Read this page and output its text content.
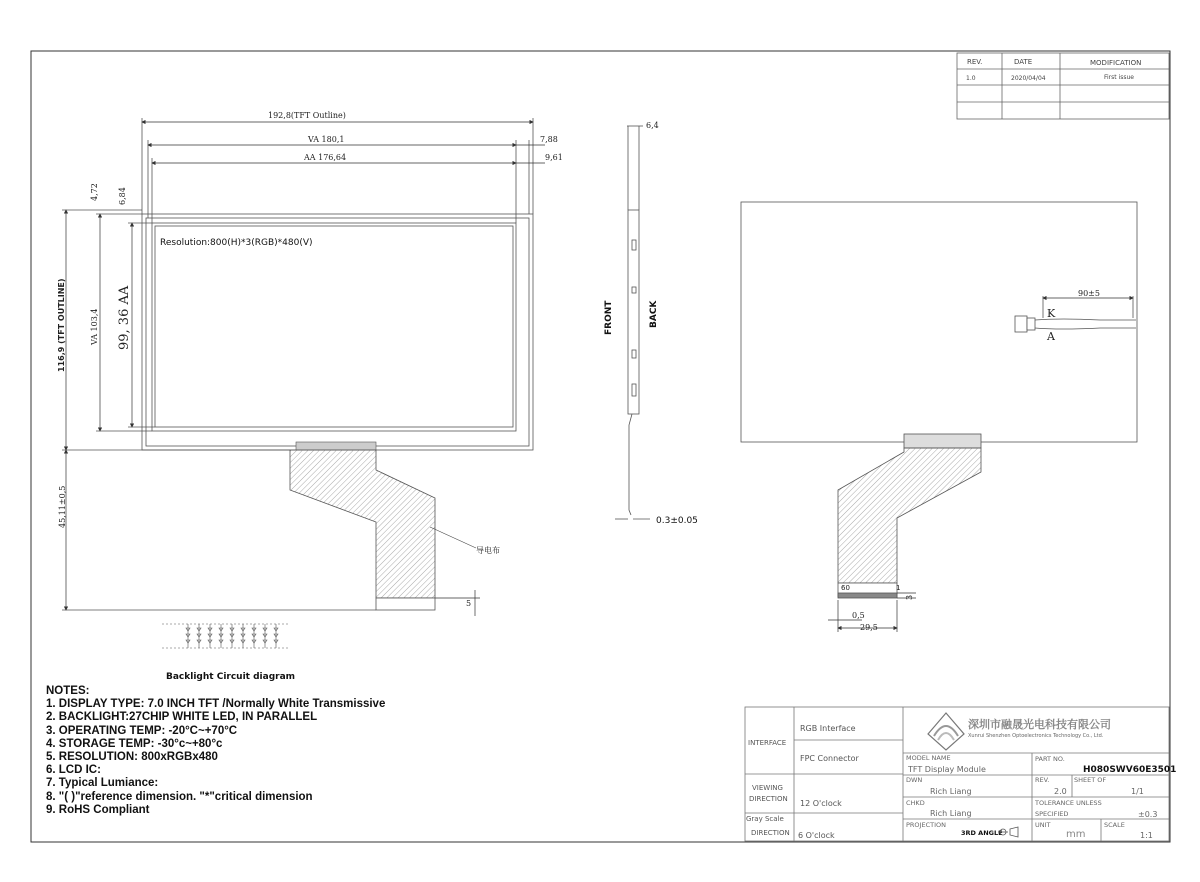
REV.	DATE	MODIFICATION
1.0	2020/04/04	First issue
192,8(TFT Outline)
VA 180,1
AA 176,64
7,88
9,61
4,72 6,84
116,9 (TFT OUTLINE)	VA 103,4 99, 36 AA
45,11±0,5
5
Resolution:800(H)*3(RGB)*480(V)
导电布
Backlight Circuit diagram
6,4
FRONT	BACK
0.3±0.05
90±5
K
A
60	1
0,5
29,5
3
INTERFACE
RGB Interface
FPC Connector
VIEWING
DIRECTION 12 O'clock
Gray Scale
DIRECTION 6 O'clock
深圳市融晟光电科技有限公司
Xunrui Shenzhen Optoelectronics Technology Co., Ltd.
MODEL NAME
TFT Display Module
PART NO.
H080SWV60E3501
DWN
Rich Liang
REV.
2.0
SHEET OF
1/1
CHKD
Rich Liang
TOLERANCE UNLESS
SPECIFIED	±0.3
PROJECTION
3RD ANGLE
UNIT
mm
SCALE
1:1
NOTES:
1. DISPLAY TYPE: 7.0 INCH TFT /Normally White Transmissive
2. BACKLIGHT:27CHIP WHITE LED, IN PARALLEL
3. OPERATING TEMP: -20°C~+70°C
4. STORAGE TEMP: -30°c~+80°c
5. RESOLUTION: 800xRGBx480
6. LCD IC:
7. Typical Lumiance:
8. "( )"reference dimension. "*"critical dimension
9. RoHS Compliant
